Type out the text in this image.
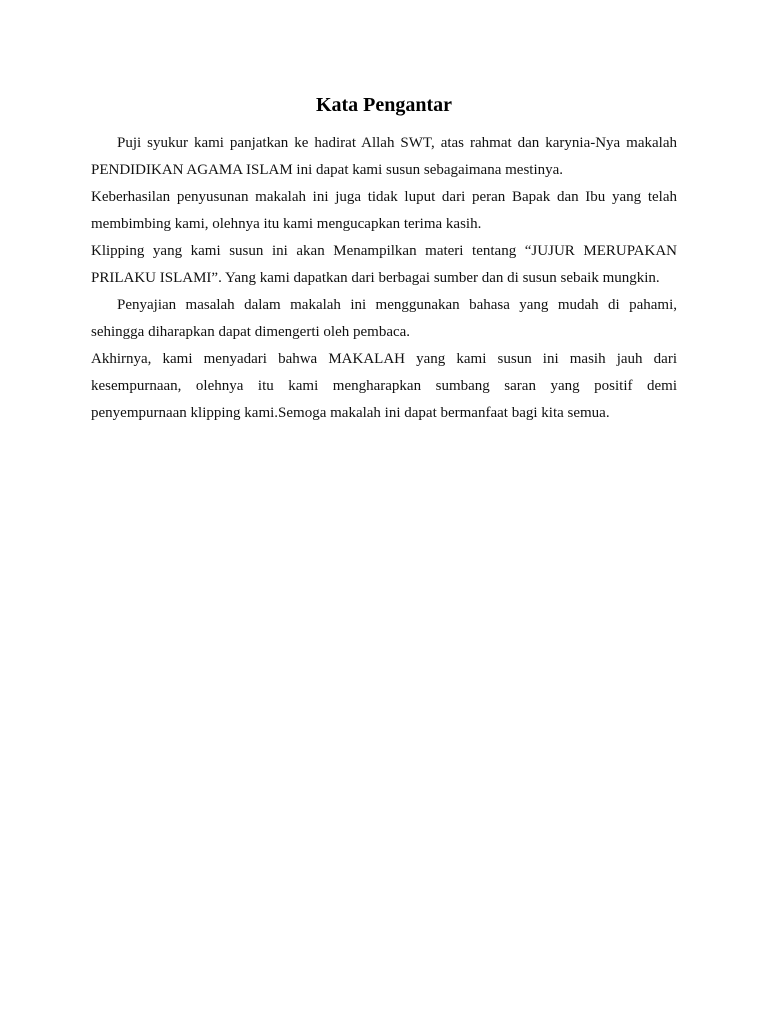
Kata Pengantar

Puji syukur kami panjatkan ke hadirat Allah SWT, atas rahmat dan karynia-Nya makalah PENDIDIKAN AGAMA ISLAM ini dapat kami susun sebagaimana mestinya.

Keberhasilan penyusunan makalah ini juga tidak luput dari peran Bapak dan Ibu yang telah membimbing kami, olehnya itu kami mengucapkan terima kasih.

Klipping yang kami susun ini akan Menampilkan materi tentang “JUJUR MERUPAKAN PRILAKU ISLAMI”. Yang kami dapatkan dari berbagai sumber dan di susun sebaik mungkin.

Penyajian masalah dalam makalah ini menggunakan bahasa yang mudah di pahami, sehingga diharapkan dapat dimengerti oleh pembaca.

Akhirnya, kami menyadari bahwa MAKALAH yang kami susun ini masih jauh dari kesempurnaan, olehnya itu kami mengharapkan sumbang saran yang positif demi penyempurnaan klipping kami.Semoga makalah ini dapat bermanfaat bagi kita semua.
